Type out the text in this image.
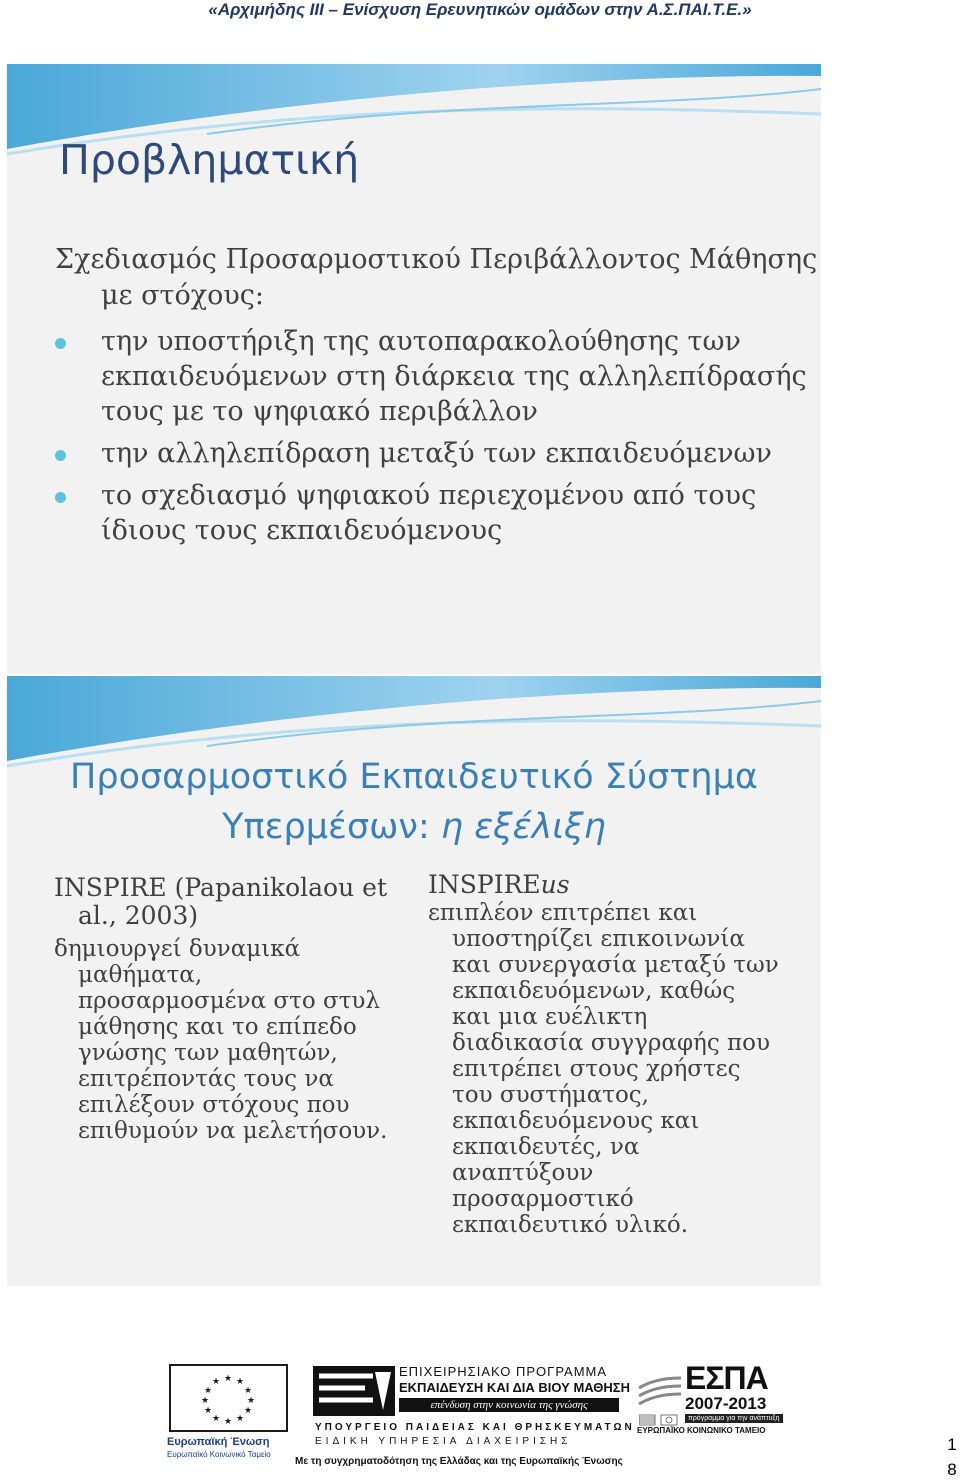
«Αρχιμήδης ΙΙΙ – Ενίσχυση Ερευνητικών ομάδων στην Α.Σ.ΠΑΙ.Τ.Ε.»
Προβληματική
Σχεδιασμός Προσαρμοστικού Περιβάλλοντος Μάθησης
με στόχους:
την υποστήριξη της αυτοπαρακολούθησης των
εκπαιδευόμενων στη διάρκεια της αλληλεπίδρασής
τους με το ψηφιακό περιβάλλον
την αλληλεπίδραση μεταξύ των εκπαιδευόμενων
το σχεδιασμό ψηφιακού περιεχομένου από τους
ίδιους τους εκπαιδευόμενους
Προσαρμοστικό Εκπαιδευτικό Σύστημα
Υπερμέσων: η εξέλιξη
INSPIRE (Papanikolaou et
al., 2003)
δημιουργεί δυναμικά
μαθήματα,
προσαρμοσμένα στο στυλ
μάθησης και το επίπεδο
γνώσης των μαθητών,
επιτρέποντάς τους να
επιλέξουν στόχους που
επιθυμούν να μελετήσουν.
INSPIREus
επιπλέον επιτρέπει και
υποστηρίζει επικοινωνία
και συνεργασία μεταξύ των
εκπαιδευόμενων, καθώς
και μια ευέλικτη
διαδικασία συγγραφής που
επιτρέπει στους χρήστες
του συστήματος,
εκπαιδευόμενους και
εκπαιδευτές, να
αναπτύξουν
προσαρμοστικό
εκπαιδευτικό υλικό.
★ ★
★
★
★
★
★
★
★
★
★
★
Ευρωπαϊκή Ένωση
Ευρωπαϊκό Κοινωνικό Ταμείο
ΕΠΙΧΕΙΡΗΣΙΑΚΟ ΠΡΟΓΡΑΜΜΑ
ΕΚΠΑΙΔΕΥΣΗ ΚΑΙ ΔΙΑ ΒΙΟΥ ΜΑΘΗΣΗ
επένδυση στην κοινωνία της γνώσης
ΥΠΟΥΡΓΕΙΟ ΠΑΙΔΕΙΑΣ ΚΑΙ ΘΡΗΣΚΕΥΜΑΤΩΝ
ΕΙΔΙΚΗ ΥΠΗΡΕΣΙΑ ΔΙΑΧΕΙΡΙΣΗΣ
Με τη συγχρηματοδότηση της Ελλάδας και της Ευρωπαϊκής Ένωσης
ΕΣΠΑ
2007-2013
πρόγραμμα για την ανάπτυξη
ΕΥΡΩΠΑΪΚΟ ΚΟΙΝΩΝΙΚΟ ΤΑΜΕΙΟ
1
8
